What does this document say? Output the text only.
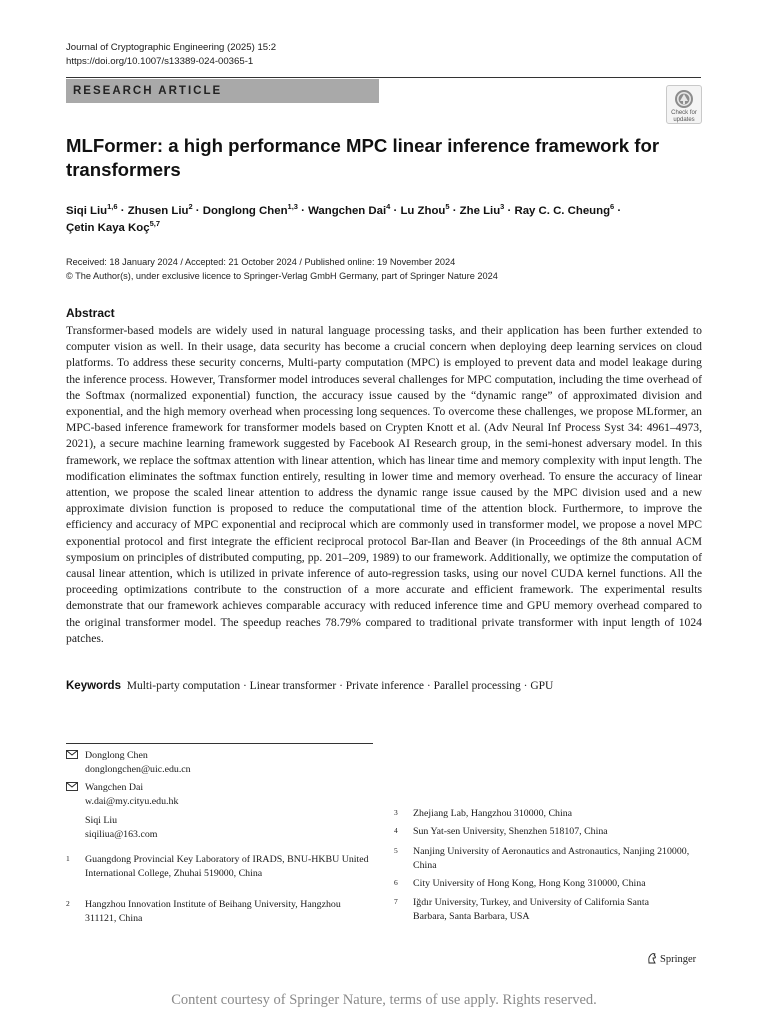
Journal of Cryptographic Engineering (2025) 15:2
https://doi.org/10.1007/s13389-024-00365-1
RESEARCH ARTICLE
Check for
updates
MLFormer: a high performance MPC linear inference framework for transformers
Siqi Liu$^{1,6}$ · Zhusen Liu$^2$ · Donglong Chen$^{1,3}$ · Wangchen Dai$^4$ · Lu Zhou$^5$ · Zhe Liu$^3$ · Ray C. C. Cheung$^6$ ·
Çetin Kaya Koç$^{5,7}$
Received: 18 January 2024 / Accepted: 21 October 2024 / Published online: 19 November 2024
© The Author(s), under exclusive licence to Springer-Verlag GmbH Germany, part of Springer Nature 2024
Abstract

Transformer-based models are widely used in natural language processing tasks, and their application has been further extended to computer vision as well. In their usage, data security has become a crucial concern when deploying deep learning services on cloud platforms. To address these security concerns, Multi-party computation (MPC) is employed to prevent data and model leakage during the inference process. However, Transformer model introduces several challenges for MPC computation, including the time overhead of the Softmax (normalized exponential) function, the accuracy issue caused by the “dynamic range” of approximated division and exponential, and the high memory overhead when processing long sequences. To overcome these challenges, we propose MLformer, an MPC-based inference framework for transformer models based on Crypten Knott et al. (Adv Neural Inf Process Syst 34: 4961–4973, 2021), a secure machine learning framework suggested by Facebook AI Research group, in the semi-honest adversary model. In this framework, we replace the softmax attention with linear attention, which has linear time and memory complexity with input length. The modification eliminates the softmax function entirely, resulting in lower time and memory overhead. To ensure the accuracy of linear attention, we propose the scaled linear attention to address the dynamic range issue caused by the MPC division used and a new approximate division function is proposed to reduce the computational time of the attention block. Furthermore, to improve the efficiency and accuracy of MPC exponential and reciprocal which are commonly used in transformer model, we propose a novel MPC exponential protocol and first integrate the efficient reciprocal protocol Bar-Ilan and Beaver (in Proceedings of the 8th annual ACM symposium on principles of distributed computing, pp. 201–209, 1989) to our framework. Additionally, we optimize the computation of causal linear attention, which is utilized in private inference of auto-regression tasks, using our novel CUDA kernel functions. All the proceeding optimizations contribute to the construction of a more accurate and efficient framework. The experimental results demonstrate that our framework achieves comparable accuracy with reduced inference time and GPU memory overhead compared to the original transformer model. The speedup reaches 78.79% compared to traditional private transformer with input length of 1024 patches.

Keywords Multi-party computation · Linear transformer · Private inference · Parallel processing · GPU
Donglong Chen
donglongchen@uic.edu.cn
Wangchen Dai
w.dai@my.cityu.edu.hk
Siqi Liu
siqiliua@163.com
1 Guangdong Provincial Key Laboratory of IRADS, BNU-HKBU United International College, Zhuhai 519000, China
2 Hangzhou Innovation Institute of Beihang University, Hangzhou 311121, China
3 Zhejiang Lab, Hangzhou 310000, China
4 Sun Yat-sen University, Shenzhen 518107, China
5 Nanjing University of Aeronautics and Astronautics, Nanjing 210000, China
6 City University of Hong Kong, Hong Kong 310000, China
7 Iğdır University, Turkey, and University of California Santa Barbara, Santa Barbara, USA
Springer
Content courtesy of Springer Nature, terms of use apply. Rights reserved.
